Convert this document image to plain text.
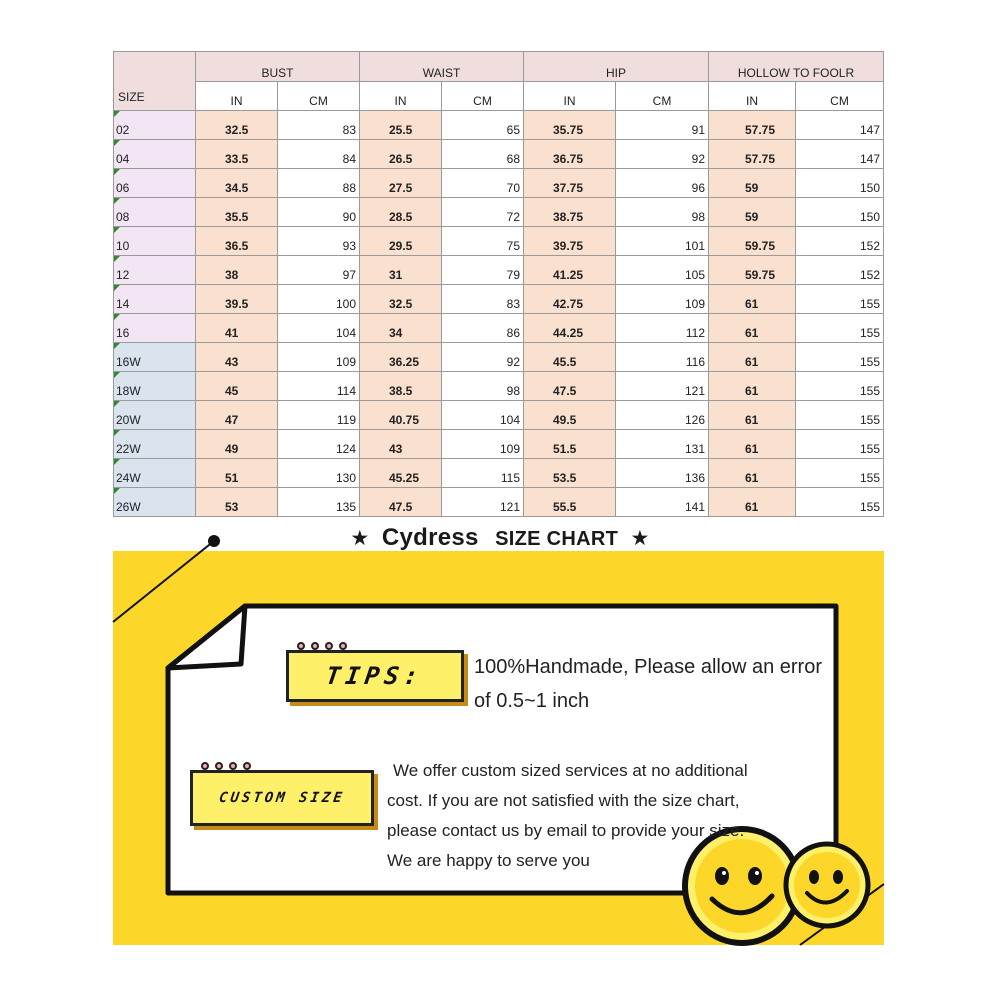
SIZE	BUST		WAIST		HIP		HOLLOW TO FOOLR	
	IN	CM	IN	CM	IN	CM	IN	CM
02	32.5	83	25.5	65	35.75	91	57.75	147
04	33.5	84	26.5	68	36.75	92	57.75	147
06	34.5	88	27.5	70	37.75	96	59	150
08	35.5	90	28.5	72	38.75	98	59	150
10	36.5	93	29.5	75	39.75	101	59.75	152
12	38	97	31	79	41.25	105	59.75	152
14	39.5	100	32.5	83	42.75	109	61	155
16	41	104	34	86	44.25	112	61	155
16W	43	109	36.25	92	45.5	116	61	155
18W	45	114	38.5	98	47.5	121	61	155
20W	47	119	40.75	104	49.5	126	61	155
22W	49	124	43	109	51.5	131	61	155
24W	51	130	45.25	115	53.5	136	61	155
26W	53	135	47.5	121	55.5	141	61	155
★ Cydress SIZE CHART ★
TIPS: 100%Handmade, Please allow an error of 0.5~1 inch
CUSTOM SIZE

We offer custom sized services at no additional

cost. If you are not satisfied with the size chart,

please contact us by email to provide your size.

We are happy to serve you
